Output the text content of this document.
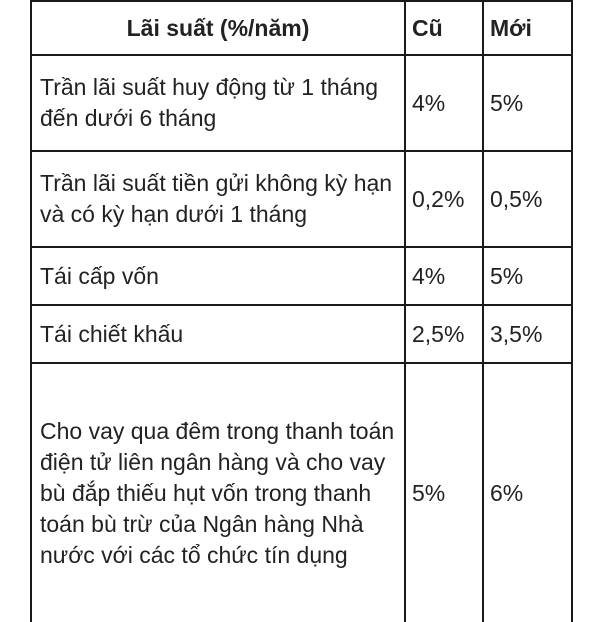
Lãi suất (%/năm)	Cũ	Mới
Trần lãi suất huy động từ 1 tháng đến dưới 6 tháng	4%	5%
Trần lãi suất tiền gửi không kỳ hạn và có kỳ hạn dưới 1 tháng	0,2%	0,5%
Tái cấp vốn	4%	5%
Tái chiết khấu	2,5%	3,5%
Cho vay qua đêm trong thanh toán điện tử liên ngân hàng và cho vay bù đắp thiếu hụt vốn trong thanh toán bù trừ của Ngân hàng Nhà nước với các tổ chức tín dụng	5%	6%
